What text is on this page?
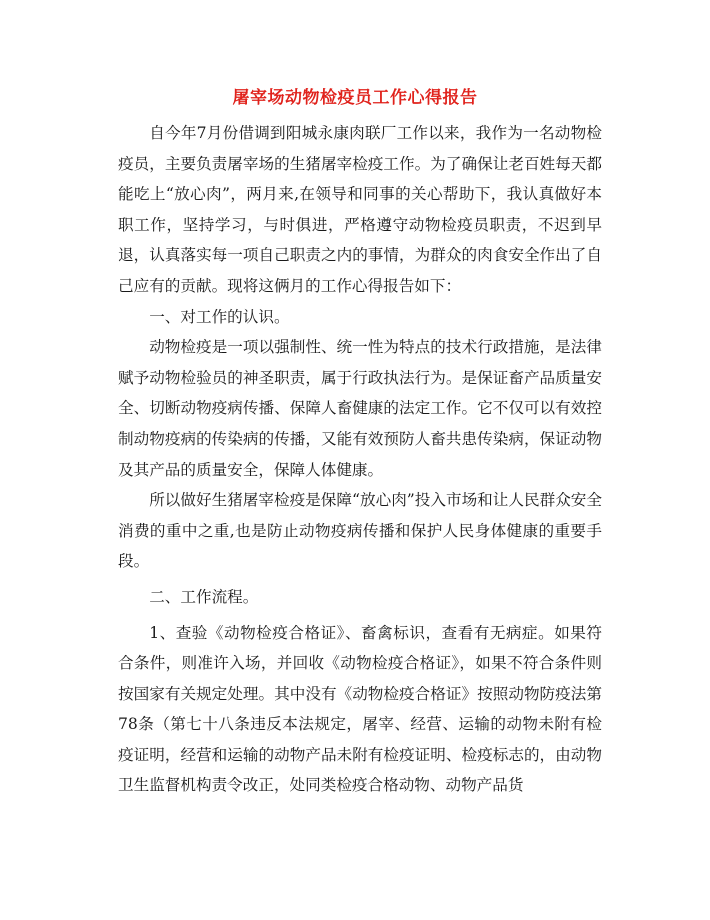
屠宰场动物检疫员工作心得报告

自今年7月份借调到阳城永康肉联厂工作以来，我作为一名动物检疫员，主要负责屠宰场的生猪屠宰检疫工作。为了确保让老百姓每天都能吃上“放心肉”，两月来,在领导和同事的关心帮助下，我认真做好本职工作，坚持学习，与时俱进，严格遵守动物检疫员职责，不迟到早退，认真落实每一项自己职责之内的事情，为群众的肉食安全作出了自己应有的贡献。现将这俩月的工作心得报告如下：

一、对工作的认识。

动物检疫是一项以强制性、统一性为特点的技术行政措施，是法律赋予动物检验员的神圣职责，属于行政执法行为。是保证畜产品质量安全、切断动物疫病传播、保障人畜健康的法定工作。它不仅可以有效控制动物疫病的传染病的传播，又能有效预防人畜共患传染病，保证动物及其产品的质量安全，保障人体健康。

所以做好生猪屠宰检疫是保障“放心肉”投入市场和让人民群众安全消费的重中之重,也是防止动物疫病传播和保护人民身体健康的重要手段。

二、工作流程。

1、查验《动物检疫合格证》、畜禽标识，查看有无病症。如果符合条件，则准许入场，并回收《动物检疫合格证》，如果不符合条件则按国家有关规定处理。其中没有《动物检疫合格证》按照动物防疫法第78条（第七十八条违反本法规定，屠宰、经营、运输的动物未附有检疫证明，经营和运输的动物产品未附有检疫证明、检疫标志的，由动物卫生监督机构责令改正，处同类检疫合格动物、动物产品货
